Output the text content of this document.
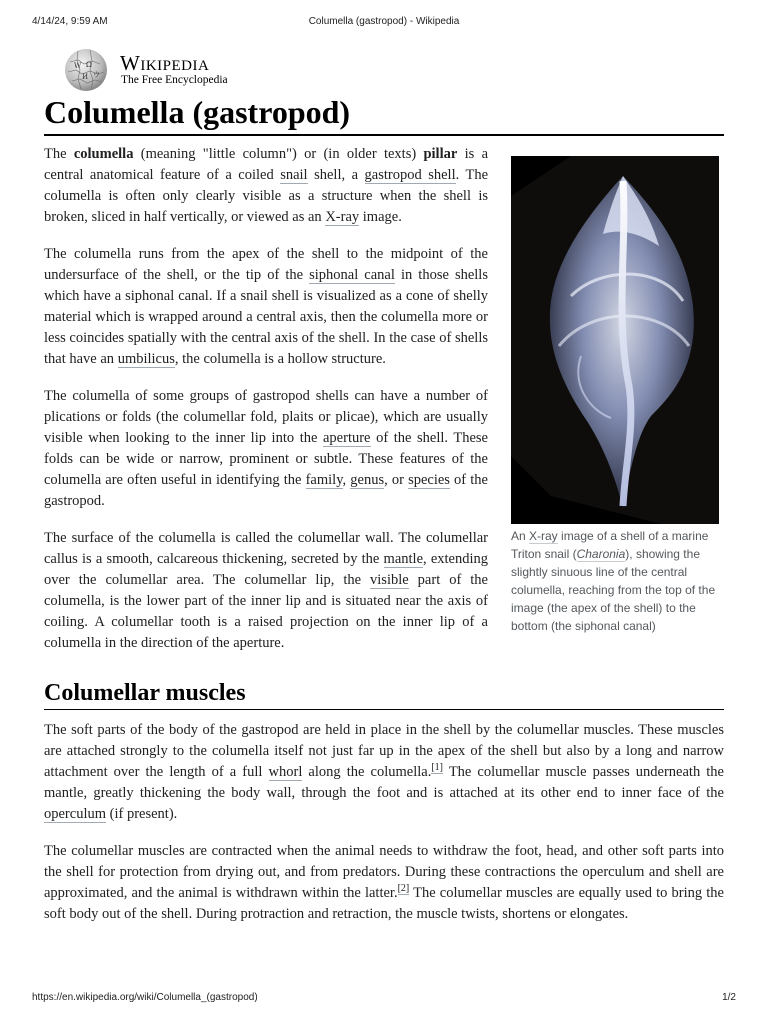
4/14/24, 9:59 AM	Columella (gastropod) - Wikipedia
W Ω
И ウ Wikipedia
The Free Encyclopedia
Columella (gastropod)

The columella (meaning "little column") or (in older texts) pillar is a central anatomical feature of a coiled snail shell, a gastropod shell. The columella is often only clearly visible as a structure when the shell is broken, sliced in half vertically, or viewed as an X-ray image.

The columella runs from the apex of the shell to the midpoint of the undersurface of the shell, or the tip of the siphonal canal in those shells which have a siphonal canal. If a snail shell is visualized as a cone of shelly material which is wrapped around a central axis, then the columella more or less coincides spatially with the central axis of the shell. In the case of shells that have an umbilicus, the columella is a hollow structure.

The columella of some groups of gastropod shells can have a number of plications or folds (the columellar fold, plaits or plicae), which are usually visible when looking to the inner lip into the aperture of the shell. These folds can be wide or narrow, prominent or subtle. These features of the columella are often useful in identifying the family, genus, or species of the gastropod.

The surface of the columella is called the columellar wall. The columellar callus is a smooth, calcareous thickening, secreted by the mantle, extending over the columellar area. The columellar lip, the visible part of the columella, is the lower part of the inner lip and is situated near the axis of coiling. A columellar tooth is a raised projection on the inner lip of a columella in the direction of the aperture.

An X-ray image of a shell of a marine Triton snail (Charonia), showing the slightly sinuous line of the central columella, reaching from the top of the image (the apex of the shell) to the bottom (the siphonal canal)
Columellar muscles

The soft parts of the body of the gastropod are held in place in the shell by the columellar muscles. These muscles are attached strongly to the columella itself not just far up in the apex of the shell but also by a long and narrow attachment over the length of a full whorl along the columella.[1] The columellar muscle passes underneath the mantle, greatly thickening the body wall, through the foot and is attached at its other end to inner face of the operculum (if present).

The columellar muscles are contracted when the animal needs to withdraw the foot, head, and other soft parts into the shell for protection from drying out, and from predators. During these contractions the operculum and shell are approximated, and the animal is withdrawn within the latter.[2] The columellar muscles are equally used to bring the soft body out of the shell. During protraction and retraction, the muscle twists, shortens or elongates.

https://en.wikipedia.org/wiki/Columella_(gastropod)	1/2
